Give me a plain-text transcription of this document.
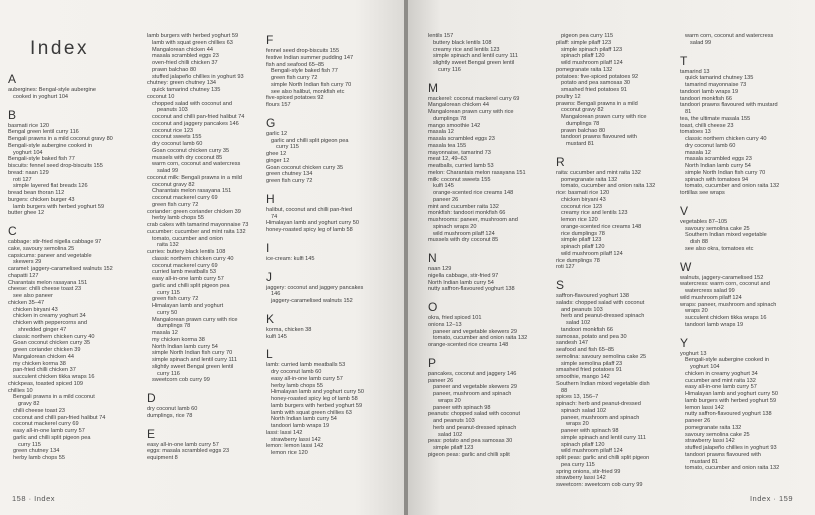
Index
A
aubergines: Bengal-style aubergine
cooked in yoghurt 104
B
basmati rice 120
Bengal green lentil curry 116
Bengali prawns in a mild coconut gravy 80
Bengali-style aubergine cooked in
yoghurt 104
Bengali-style baked fish 77
biscuits: fennel seed drop-biscuits 155
bread: naan 129
roti 127
simple layered flat breads 126
bread bean thoran 112
burgers: chicken burger 43
lamb burgers with herbed yoghurt 59
butter ghee 12
C
cabbage: stir-fried nigella cabbage 97
cake, savoury semolina 25
capsicums: paneer and vegetable
skewers 29
caramel: jaggery-caramelised walnuts 152
chapatti 127
Charantais melon rasayana 151
cheese: chilli cheese toast 23
see also paneer
chicken 35–47
chicken biryani 43
chicken in creamy yoghurt 34
chicken with peppercorns and
shredded ginger 47
classic northern chicken curry 40
Goan coconut chicken curry 35
green coriander chicken 39
Mangalorean chicken 44
my chicken korma 38
pan-fried chilli chicken 37
succulent chicken tikka wraps 16
chickpeas, toasted spiced 109
chillies 10
Bengali prawns in a mild coconut
gravy 82
chilli cheese toast 23
coconut and chilli pan-fried halibut 74
coconut mackerel curry 69
easy all-in-one lamb curry 57
garlic and chilli split pigeon pea
curry 115
green chutney 134
herby lamb chops 55
lamb burgers with herbed yoghurt 59
lamb with squat green chillies 63
Mangalorean chicken 44
masala scrambled eggs 23
oven-fried chilli chicken 37
prawn balchao 80
stuffed jalapeño chillies in yoghurt 93
chutney: green chutney 134
quick tamarind chutney 135
coconut 10
chopped salad with coconut and
peanuts 103
coconut and chilli pan-fried halibut 74
coconut and jaggery pancakes 146
coconut rice 123
coconut sweets 155
dry coconut lamb 60
Goan coconut chicken curry 35
mussels with dry coconut 85
warm corn, coconut and watercress
salad 99
coconut milk: Bengali prawns in a mild
coconut gravy 82
Charantais melon rasayana 151
coconut mackerel curry 69
green fish curry 72
coriander: green coriander chicken 39
herby lamb chops 55
crab cakes with tamarind mayonnaise 73
cucumber: cucumber and mint raita 132
tomato, cucumber and onion
raita 132
curries: buttery black lentils 108
classic northern chicken curry 40
coconut mackerel curry 69
curried lamb meatballs 53
easy all-in-one lamb curry 57
garlic and chilli split pigeon pea
curry 115
green fish curry 72
Himalayan lamb and yoghurt
curry 50
Mangalorean prawn curry with rice
dumplings 78
masala 12
my chicken korma 38
North Indian lamb curry 54
simple North Indian fish curry 70
simple spinach and lentil curry 111
slightly sweet Bengal green lentil
curry 116
sweetcorn cob curry 99
D
dry coconut lamb 60
dumplings, rice 78
E
easy all-in-one lamb curry 57
eggs: masala scrambled eggs 23
equipment 8
F
fennel seed drop-biscuits 155
festive Indian summer pudding 147
fish and seafood 65–85
Bengali-style baked fish 77
green fish curry 72
simple North Indian fish curry 70
see also halibut, monkfish etc
five-spiced potatoes 92
flours 157
G
garlic 12
garlic and chilli split pigeon pea
curry 115
ghee 12
ginger 12
Goan coconut chicken curry 35
green chutney 134
green fish curry 72
H
halibut, coconut and chilli pan-fried
74
Himalayan lamb and yoghurt curry 50
honey-roasted spicy leg of lamb 58
I
ice-cream: kulfi 145
J
jaggery: coconut and jaggery pancakes
146
jaggery-caramelised walnuts 152
K
korma, chicken 38
kulfi 145
L
lamb: curried lamb meatballs 53
dry coconut lamb 60
easy all-in-one lamb curry 57
herby lamb chops 55
Himalayan lamb and yoghurt curry 50
honey-roasted spicy leg of lamb 58
lamb burgers with herbed yoghurt 59
lamb with squat green chillies 63
North Indian lamb curry 54
tandoori lamb wraps 19
lassi: lassi 142
strawberry lassi 142
lemon: lemon lassi 142
lemon rice 120
158 · Index
lentils 157
buttery black lentils 108
creamy rice and lentils 123
simple spinach and lentil curry 111
slightly sweet Bengal green lentil
curry 116
M
mackerel: coconut mackerel curry 69
Mangalorean chicken 44
Mangalorean prawn curry with rice
dumplings 78
mango smoothie 142
masala 12
masala scrambled eggs 23
masala tea 155
mayonnaise, tamarind 73
meat 12, 49–63
meatballs, curried lamb 53
melon: Charantais melon rasayana 151
milk: coconut sweets 155
kulfi 145
orange-scented rice creams 148
paneer 26
mint and cucumber raita 132
monkfish: tandoori monkfish 66
mushrooms: paneer, mushroom and
spinach wraps 20
wild mushroom pilaff 124
mussels with dry coconut 85
N
naan 129
nigella cabbage, stir-fried 97
North Indian lamb curry 54
nutty saffron-flavoured yoghurt 138
O
okra, fried spiced 101
onions 12–13
paneer and vegetable skewers 29
tomato, cucumber and onion raita 132
orange-scented rice creams 148
P
pancakes, coconut and jaggery 146
paneer 26
paneer and vegetable skewers 29
paneer, mushroom and spinach
wraps 20
paneer with spinach 98
peanuts: chopped salad with coconut
and peanuts 103
herb and peanut-dressed spinach
salad 102
peas: potato and pea samosas 30
simple pilaff 123
pigeon peas: garlic and chilli split
pigeon pea curry 115
pilaff: simple pilaff 123
simple spinach pilaff 123
spinach pilaff 120
wild mushroom pilaff 124
pomegranate raita 132
potatoes: five-spiced potatoes 92
potato and pea samosas 30
smashed fried potatoes 91
poultry 12
prawns: Bengali prawns in a mild
coconut gravy 82
Mangalorean prawn curry with rice
dumplings 78
prawn balchao 80
tandoori prawns flavoured with
mustard 81
R
raita: cucumber and mint raita 132
pomegranate raita 132
tomato, cucumber and onion raita 132
rice: basmati rice 120
chicken biryani 43
coconut rice 123
creamy rice and lentils 123
lemon rice 120
orange-scented rice creams 148
rice dumplings 78
simple pilaff 123
spinach pilaff 120
wild mushroom pilaff 124
rice dumplings 78
roti 127
S
saffron-flavoured yoghurt 138
salads: chopped salad with coconut
and peanuts 103
herb and peanut-dressed spinach
salad 102
tandoori monkfish 66
samosas, potato and pea 30
sandesh 147
seafood and fish 65–85
semolina: savoury semolina cake 25
simple semolina pilaff 23
smashed fried potatoes 91
smoothie, mango 142
Southern Indian mixed vegetable dish
88
spices 13, 156–7
spinach: herb and peanut-dressed
spinach salad 102
paneer, mushroom and spinach
wraps 20
paneer with spinach 98
simple spinach and lentil curry 111
spinach pilaff 120
wild mushroom pilaff 124
split peas: garlic and chilli split pigeon
pea curry 115
spring onions, stir-fried 99
strawberry lassi 142
sweetcorn: sweetcorn cob curry 99
warm corn, coconut and watercress
salad 99
T
tamarind 13
quick tamarind chutney 135
tamarind mayonnaise 73
tandoori lamb wraps 19
tandoori monkfish 66
tandoori prawns flavoured with mustard
81
tea, the ultimate masala 155
toast, chilli cheese 23
tomatoes 13
classic northern chicken curry 40
dry coconut lamb 60
masala 12
masala scrambled eggs 23
North Indian lamb curry 54
simple North Indian fish curry 70
spinach with tomatoes 94
tomato, cucumber and onion raita 132
tortillas see wraps
V
vegetables 87–105
savoury semolina cake 25
Southern Indian mixed vegetable
dish 88
see also okra, tomatoes etc
W
walnuts, jaggery-caramelised 152
watercress: warm corn, coconut and
watercress salad 99
wild mushroom pilaff 124
wraps: paneer, mushroom and spinach
wraps 20
succulent chicken tikka wraps 16
tandoori lamb wraps 19
Y
yoghurt 13
Bengali-style aubergine cooked in
yoghurt 104
chicken in creamy yoghurt 34
cucumber and mint raita 132
easy all-in-one lamb curry 57
Himalayan lamb and yoghurt curry 50
lamb burgers with herbed yoghurt 59
lemon lassi 142
nutty saffron-flavoured yoghurt 138
paneer 26
pomegranate raita 132
savoury semolina cake 25
strawberry lassi 142
stuffed jalapeño chillies in yoghurt 93
tandoori prawns flavoured with
mustard 81
tomato, cucumber and onion raita 132
Index · 159
